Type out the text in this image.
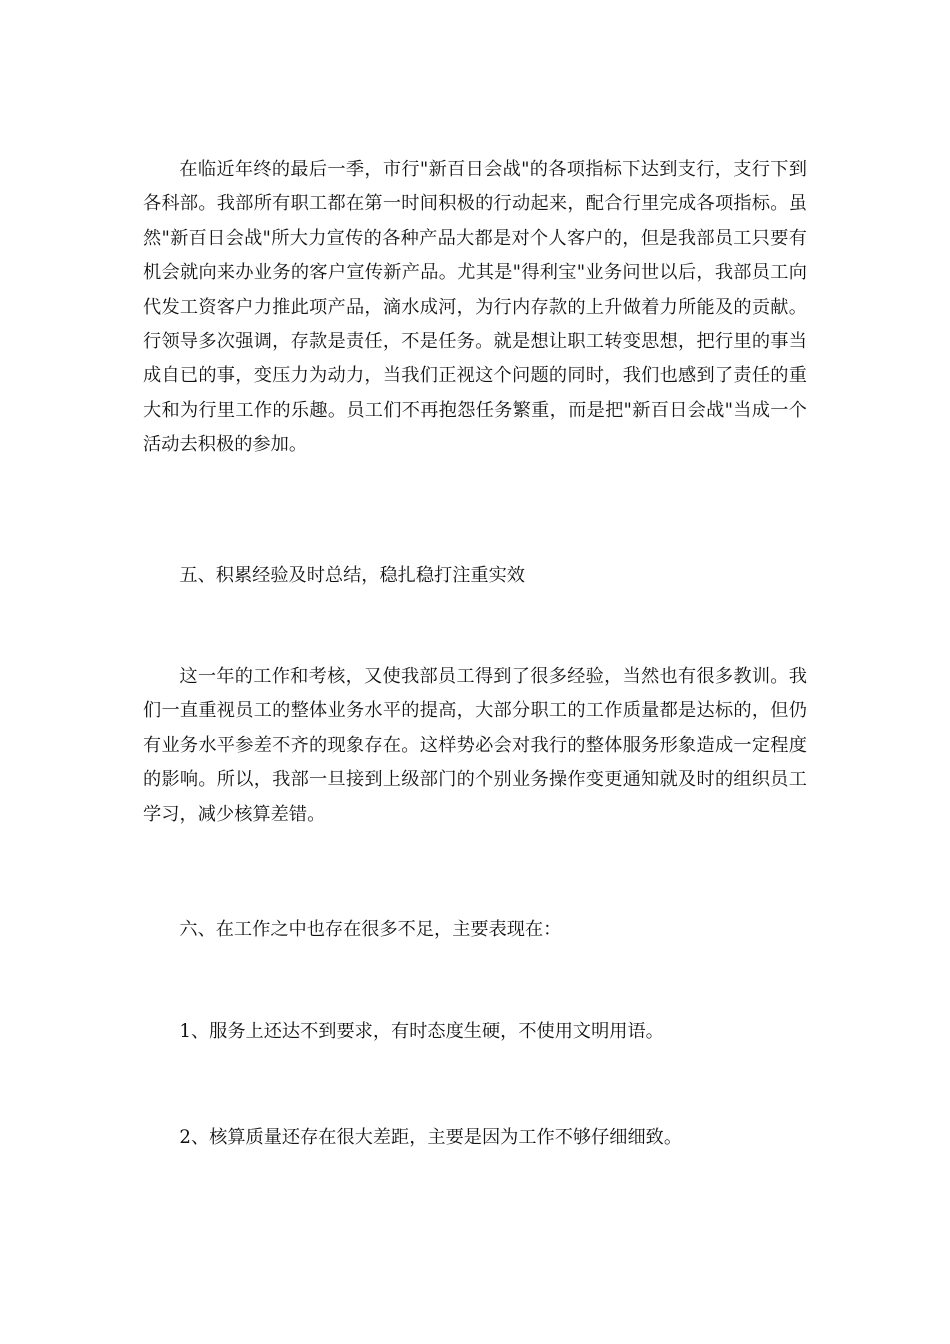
在临近年终的最后一季，市行"新百日会战"的各项指标下达到支行，支行下到各科部。我部所有职工都在第一时间积极的行动起来，配合行里完成各项指标。虽然"新百日会战"所大力宣传的各种产品大都是对个人客户的，但是我部员工只要有机会就向来办业务的客户宣传新产品。尤其是"得利宝"业务问世以后，我部员工向代发工资客户力推此项产品，滴水成河，为行内存款的上升做着力所能及的贡献。行领导多次强调，存款是责任，不是任务。就是想让职工转变思想，把行里的事当成自已的事，变压力为动力，当我们正视这个问题的同时，我们也感到了责任的重大和为行里工作的乐趣。员工们不再抱怨任务繁重，而是把"新百日会战"当成一个活动去积极的参加。

五、积累经验及时总结，稳扎稳打注重实效

这一年的工作和考核，又使我部员工得到了很多经验，当然也有很多教训。我们一直重视员工的整体业务水平的提高，大部分职工的工作质量都是达标的，但仍有业务水平参差不齐的现象存在。这样势必会对我行的整体服务形象造成一定程度的影响。所以，我部一旦接到上级部门的个别业务操作变更通知就及时的组织员工学习，减少核算差错。

六、在工作之中也存在很多不足，主要表现在：

1、服务上还达不到要求，有时态度生硬，不使用文明用语。

2、核算质量还存在很大差距，主要是因为工作不够仔细细致。
